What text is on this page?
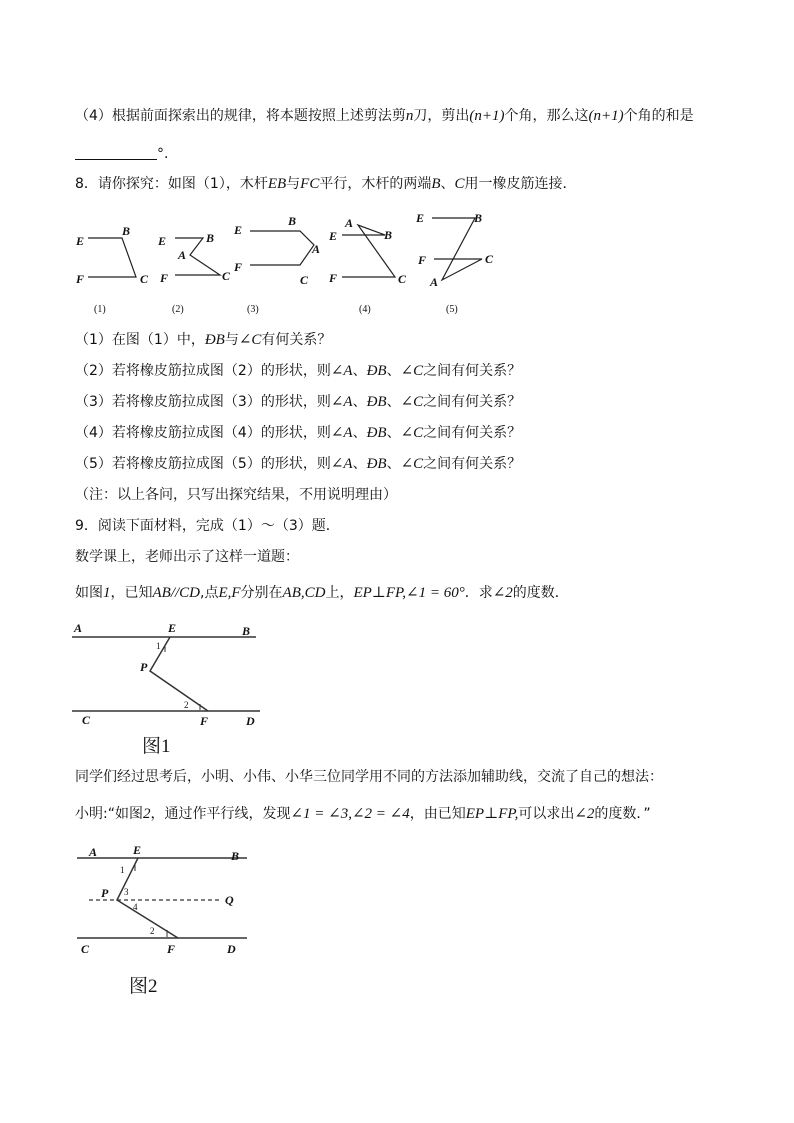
（4）根据前面探索出的规律，将本题按照上述剪法剪n刀，剪出(n+1)个角，那么这(n+1)个角的和是
°.
8．请你探究：如图（1），木杆EB与FC平行，木杆的两端B、C用一橡皮筋连接．
E
B
F	C
E	B
A
F	C
E
B
A
F
C
E
A
B
F	C
E	B
F	C
A
(1)	(2)	(3)	(4)	(5)
（1）在图（1）中，ÐB与∠C有何关系？
（2）若将橡皮筋拉成图（2）的形状，则∠A、ÐB、∠C之间有何关系？
（3）若将橡皮筋拉成图（3）的形状，则∠A、ÐB、∠C之间有何关系？
（4）若将橡皮筋拉成图（4）的形状，则∠A、ÐB、∠C之间有何关系？
（5）若将橡皮筋拉成图（5）的形状，则∠A、ÐB、∠C之间有何关系？
（注：以上各问，只写出探究结果，不用说明理由）
9．阅读下面材料，完成（1）～（3）题．
数学课上，老师出示了这样一道题：
如图1，已知AB//CD,点E,F分别在AB,CD上，EP⊥FP,∠1 = 60°．求∠2的度数．
A	E	B
P
C	F	D
1
2
图1
同学们经过思考后，小明、小伟、小华三位同学用不同的方法添加辅助线，交流了自己的想法：
小明:“如图2，通过作平行线，发现∠1 = ∠3,∠2 = ∠4，由已知EP⊥FP,可以求出∠2的度数．”
A	E	B
P	Q
C	F	D
1
3
4
2
图2
